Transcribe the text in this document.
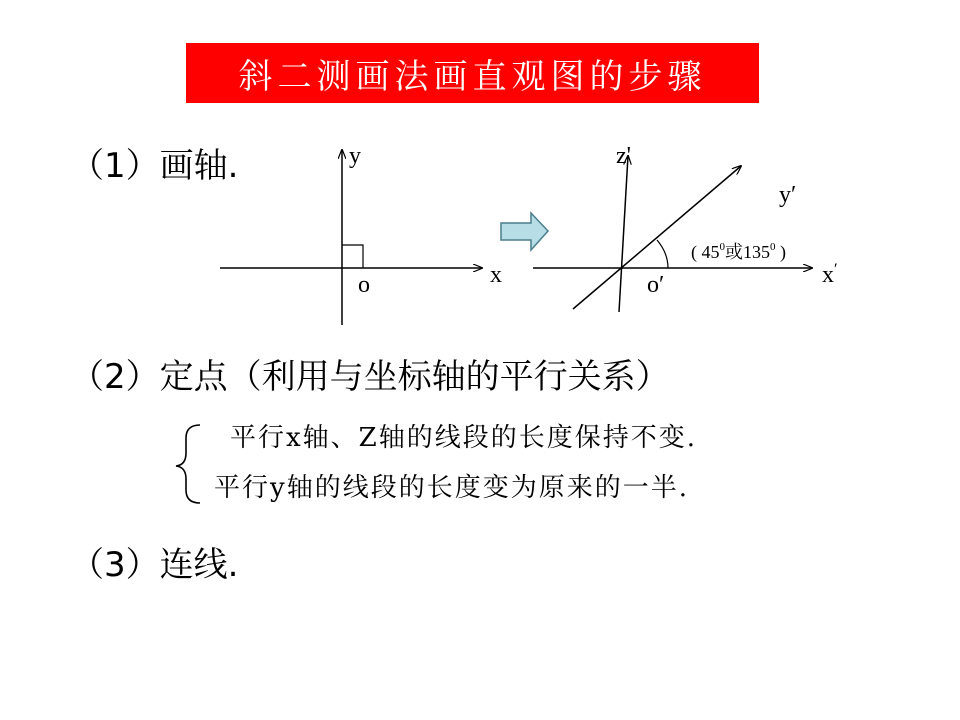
斜二测画法画直观图的步骤
（1）画轴.
（2）定点（利用与坐标轴的平行关系）
（3）连线.
平行x轴、Z轴的线段的长度保持不变.
平行y轴的线段的长度变为原来的一半.
y
x
o
z'
y′
x′
o′
( $45^0$或$135^0$ )
